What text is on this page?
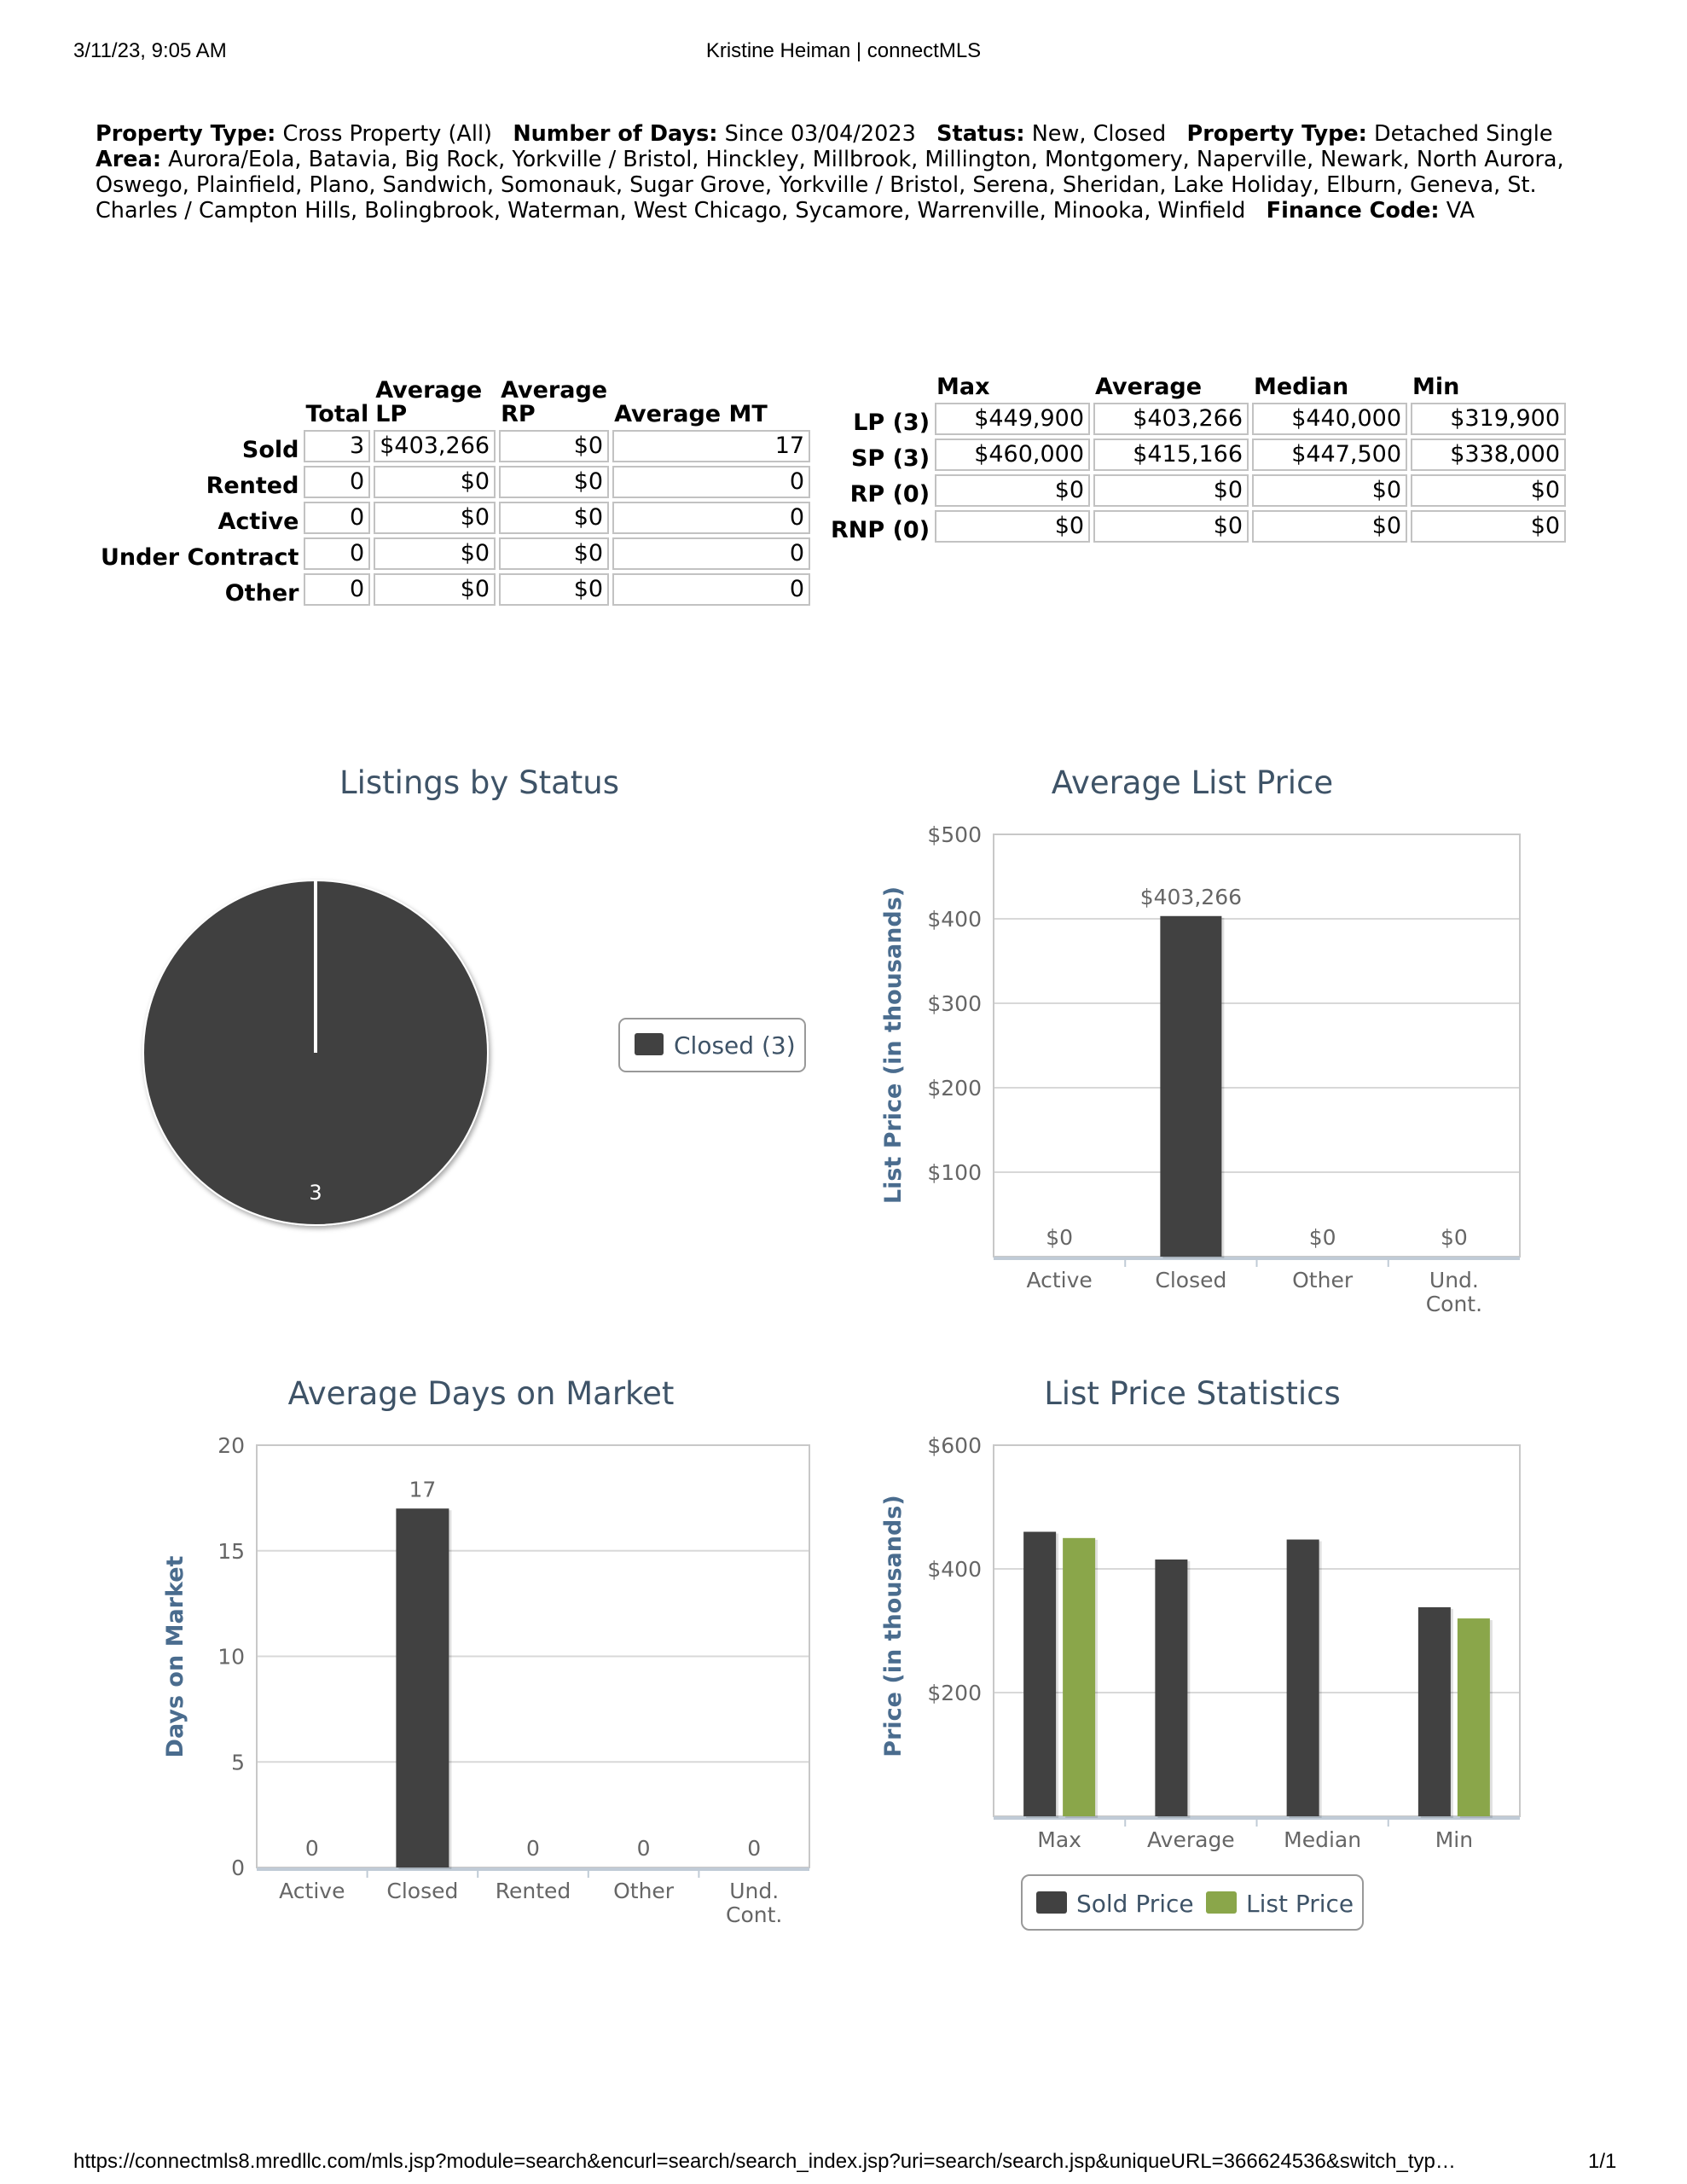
3/11/23, 9:05 AM	Kristine Heiman | connectMLS
Property Type: Cross Property (All) Number of Days: Since 03/04/2023 Status: New, Closed Property Type: Detached Single   Area: Aurora/Eola, Batavia, Big Rock, Yorkville / Bristol, Hinckley, Millbrook, Millington, Montgomery, Naperville, Newark, North Aurora, Oswego, Plainfield, Plano, Sandwich, Somonauk, Sugar Grove, Yorkville / Bristol, Serena, Sheridan, Lake Holiday, Elburn, Geneva, St. Charles / Campton Hills, Bolingbrook, Waterman, West Chicago, Sycamore, Warrenville, Minooka, Winfield Finance Code: VA
	Total	Average LP	Average RP	Average MT
Sold	3	$403,266	$0	17
Rented	0	$0	$0	0
Active	0	$0	$0	0
Under Contract	0	$0	$0	0
Other	0	$0	$0	0
	Max	Average	Median	Min
LP (3)	$449,900	$403,266	$440,000	$319,900
SP (3)	$460,000	$415,166	$447,500	$338,000
RP (0)	$0	$0	$0	$0
RNP (0)	$0	$0	$0	$0
Listings by Status
3
Closed (3)
Average List Price
List Price (in thousands) $100
$200
$300
$400
$500
Active	Closed	Other	Und.
Cont.
$0
$403,266
$0	$0
Average Days on Market
Days on Market
0
5
10
15
20
Active Closed Rented Other	Und.
Cont.
0
17
0	0	0
List Price Statistics
Price (in thousands) $200
$400
$600
Max	Average Median	Min
Sold Price List Price
https://connectmls8.mredllc.com/mls.jsp?module=search&encurl=search/search_index.jsp?uri=search/search.jsp&uniqueURL=366624536&switch_typ…	1/1
